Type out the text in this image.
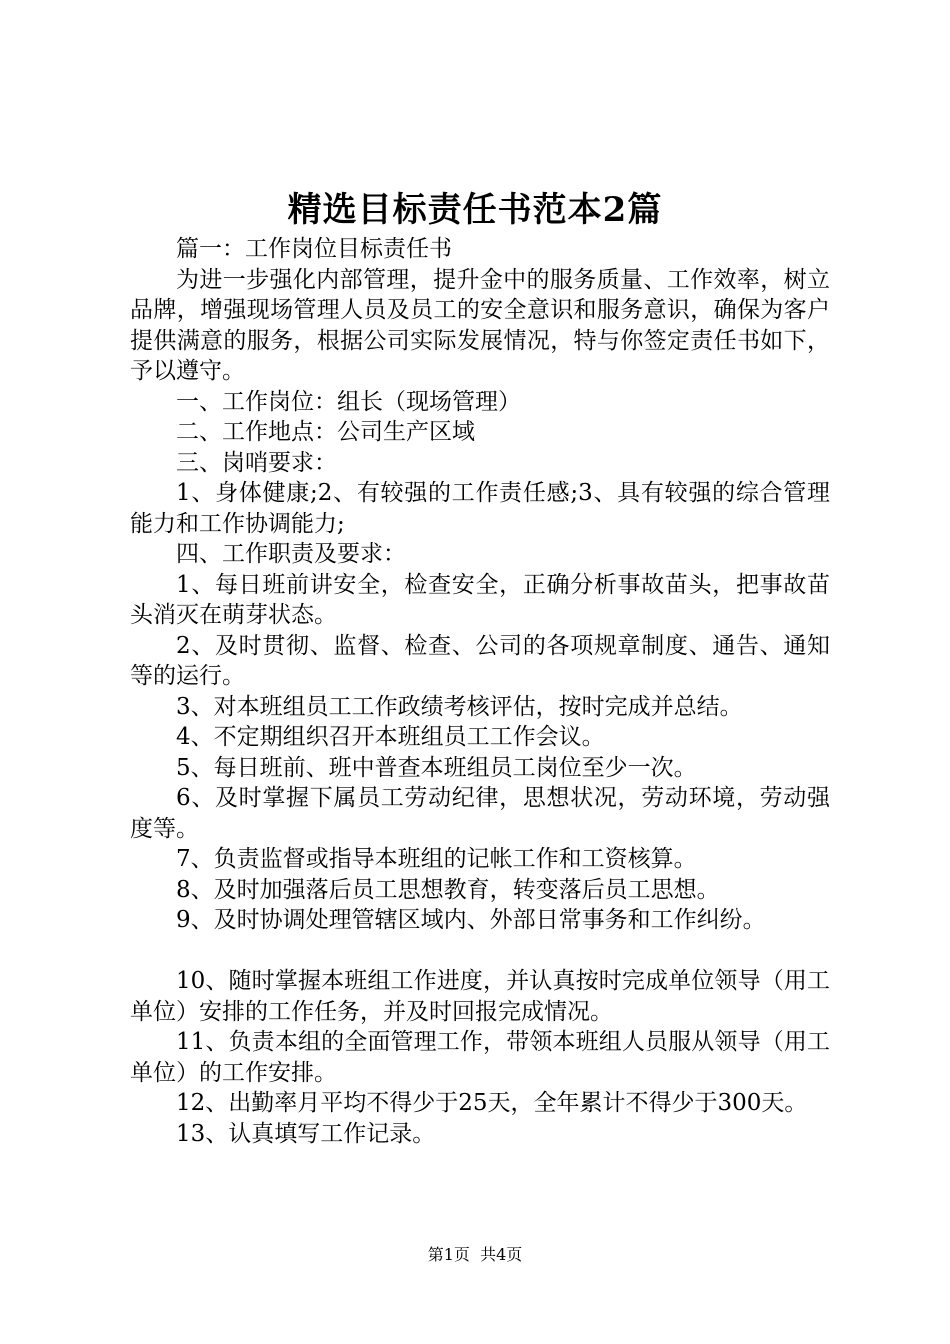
精选目标责任书范本2篇

篇一：工作岗位目标责任书

为进一步强化内部管理，提升金中的服务质量、工作效率，树立品牌，增强现场管理人员及员工的安全意识和服务意识，确保为客户提供满意的服务，根据公司实际发展情况，特与你签定责任书如下，予以遵守。

一、工作岗位：组长（现场管理）

二、工作地点：公司生产区域

三、岗哨要求：

1、身体健康;2、有较强的工作责任感;3、具有较强的综合管理能力和工作协调能力;

四、工作职责及要求：

1、每日班前讲安全，检查安全，正确分析事故苗头，把事故苗头消灭在萌芽状态。

2、及时贯彻、监督、检查、公司的各项规章制度、通告、通知等的运行。

3、对本班组员工工作政绩考核评估，按时完成并总结。

4、不定期组织召开本班组员工工作会议。

5、每日班前、班中普查本班组员工岗位至少一次。

6、及时掌握下属员工劳动纪律，思想状况，劳动环境，劳动强度等。

7、负责监督或指导本班组的记帐工作和工资核算。

8、及时加强落后员工思想教育，转变落后员工思想。

9、及时协调处理管辖区域内、外部日常事务和工作纠纷。

10、随时掌握本班组工作进度，并认真按时完成单位领导（用工单位）安排的工作任务，并及时回报完成情况。

11、负责本组的全面管理工作，带领本班组人员服从领导（用工单位）的工作安排。

12、出勤率月平均不得少于25天，全年累计不得少于300天。

13、认真填写工作记录。

第1页  共4页
